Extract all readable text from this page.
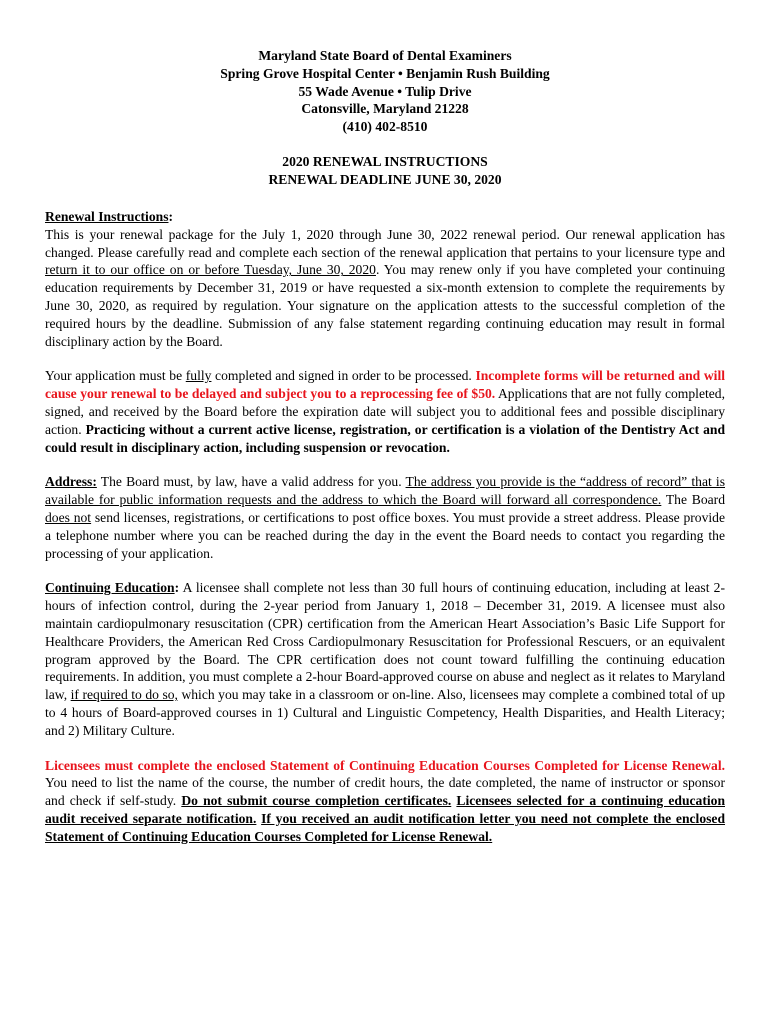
Maryland State Board of Dental Examiners
Spring Grove Hospital Center • Benjamin Rush Building
55 Wade Avenue • Tulip Drive
Catonsville, Maryland 21228
(410) 402-8510
2020 RENEWAL INSTRUCTIONS
RENEWAL DEADLINE JUNE 30, 2020

Renewal Instructions:
This is your renewal package for the July 1, 2020 through June 30, 2022 renewal period. Our renewal application has changed. Please carefully read and complete each section of the renewal application that pertains to your licensure type and return it to our office on or before Tuesday, June 30, 2020. You may renew only if you have completed your continuing education requirements by December 31, 2019 or have requested a six-month extension to complete the requirements by June 30, 2020, as required by regulation. Your signature on the application attests to the successful completion of the required hours by the deadline. Submission of any false statement regarding continuing education may result in formal disciplinary action by the Board.

Your application must be fully completed and signed in order to be processed. Incomplete forms will be returned and will cause your renewal to be delayed and subject you to a reprocessing fee of $50. Applications that are not fully completed, signed, and received by the Board before the expiration date will subject you to additional fees and possible disciplinary action. Practicing without a current active license, registration, or certification is a violation of the Dentistry Act and could result in disciplinary action, including suspension or revocation.

Address: The Board must, by law, have a valid address for you. The address you provide is the “address of record” that is available for public information requests and the address to which the Board will forward all correspondence. The Board does not send licenses, registrations, or certifications to post office boxes. You must provide a street address. Please provide a telephone number where you can be reached during the day in the event the Board needs to contact you regarding the processing of your application.

Continuing Education: A licensee shall complete not less than 30 full hours of continuing education, including at least 2-hours of infection control, during the 2-year period from January 1, 2018 – December 31, 2019. A licensee must also maintain cardiopulmonary resuscitation (CPR) certification from the American Heart Association’s Basic Life Support for Healthcare Providers, the American Red Cross Cardiopulmonary Resuscitation for Professional Rescuers, or an equivalent program approved by the Board. The CPR certification does not count toward fulfilling the continuing education requirements. In addition, you must complete a 2-hour Board-approved course on abuse and neglect as it relates to Maryland law, if required to do so, which you may take in a classroom or on-line. Also, licensees may complete a combined total of up to 4 hours of Board-approved courses in 1) Cultural and Linguistic Competency, Health Disparities, and Health Literacy; and 2) Military Culture.

Licensees must complete the enclosed Statement of Continuing Education Courses Completed for License Renewal. You need to list the name of the course, the number of credit hours, the date completed, the name of instructor or sponsor and check if self-study. Do not submit course completion certificates. Licensees selected for a continuing education audit received separate notification. If you received an audit notification letter you need not complete the enclosed Statement of Continuing Education Courses Completed for License Renewal.
